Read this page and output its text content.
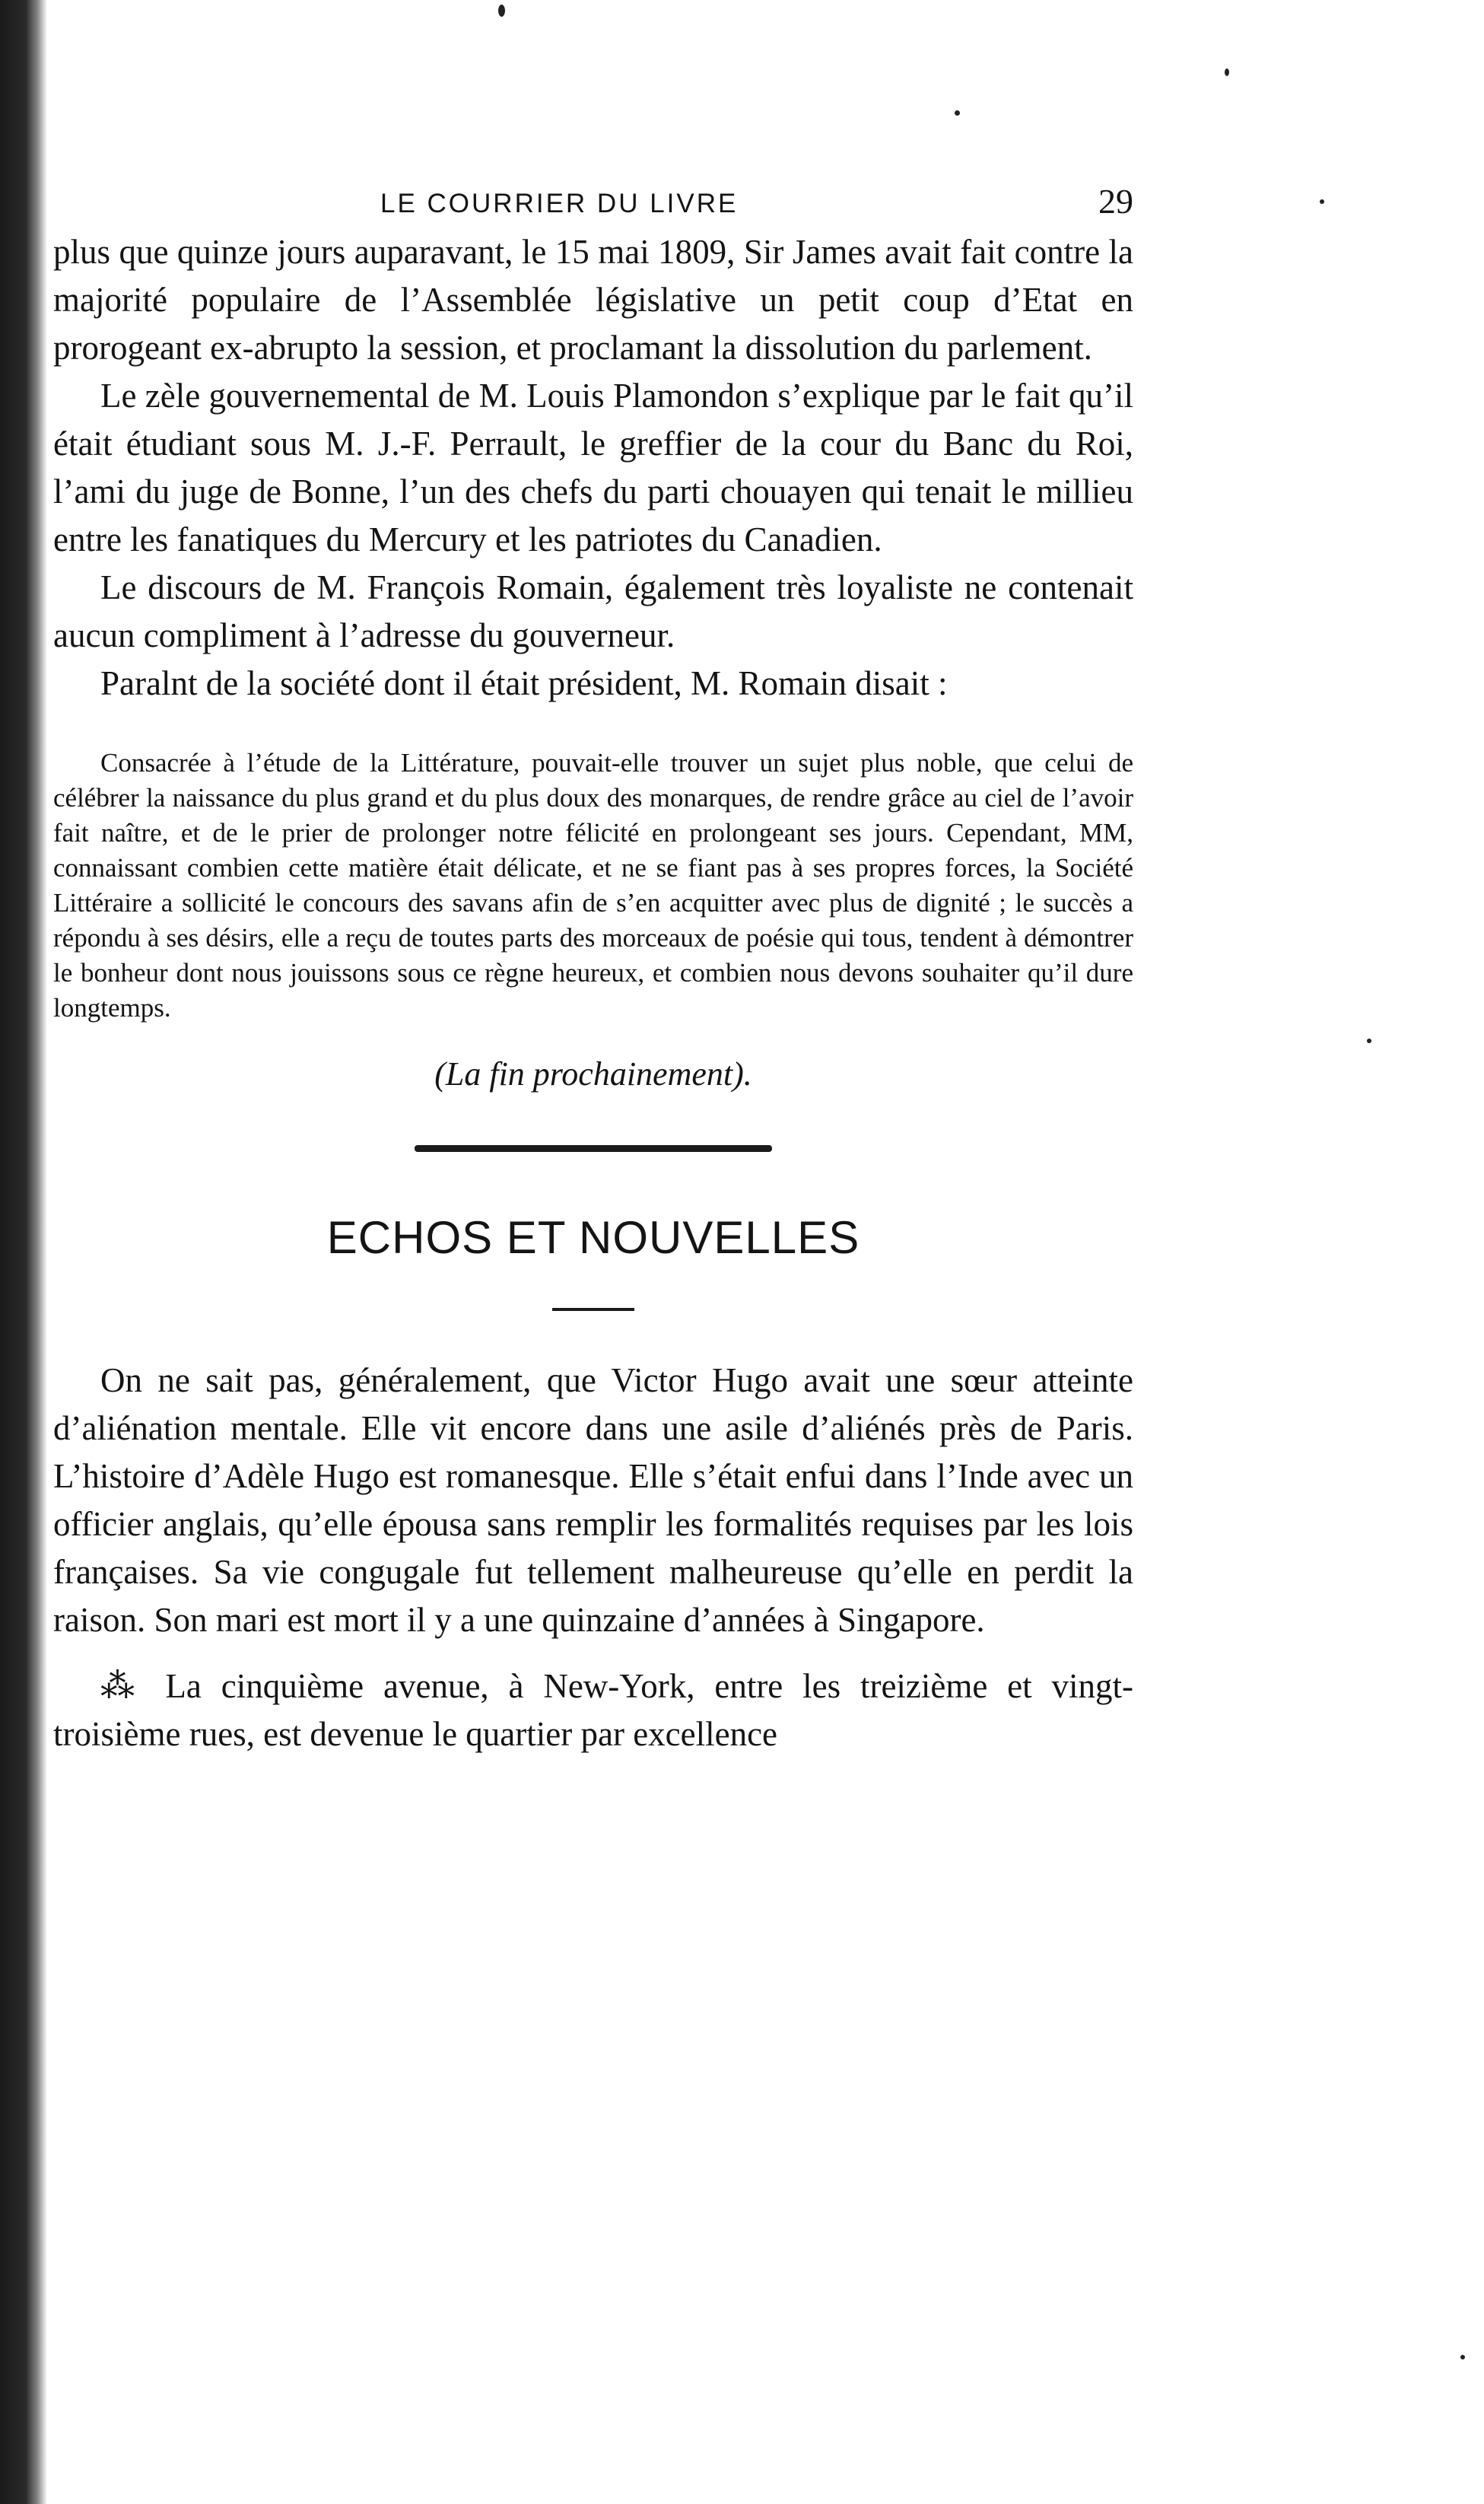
LE COURRIER DU LIVRE	29

plus que quinze jours auparavant, le 15 mai 1809, Sir James avait fait contre la majorité populaire de l’Assemblée législative un petit coup d’Etat en prorogeant ex-abrupto la session, et proclamant la dissolution du parlement.

Le zèle gouvernemental de M. Louis Plamondon s’explique par le fait qu’il était étudiant sous M. J.-F. Perrault, le greffier de la cour du Banc du Roi, l’ami du juge de Bonne, l’un des chefs du parti chouayen qui tenait le millieu entre les fanatiques du Mercury et les patriotes du Canadien.

Le discours de M. François Romain, également très loyaliste ne contenait aucun compliment à l’adresse du gouverneur.

Paralnt de la société dont il était président, M. Romain disait :

Consacrée à l’étude de la Littérature, pouvait-elle trouver un sujet plus noble, que celui de célébrer la naissance du plus grand et du plus doux des monarques, de rendre grâce au ciel de l’avoir fait naître, et de le prier de prolonger notre félicité en prolongeant ses jours. Cependant, MM, connaissant combien cette matière était délicate, et ne se fiant pas à ses propres forces, la Société Littéraire a sollicité le concours des savans afin de s’en acquitter avec plus de dignité ; le succès a répondu à ses désirs, elle a reçu de toutes parts des morceaux de poésie qui tous, tendent à démontrer le bonheur dont nous jouissons sous ce règne heureux, et combien nous devons souhaiter qu’il dure longtemps.

(La fin prochainement).

ECHOS ET NOUVELLES

On ne sait pas, généralement, que Victor Hugo avait une sœur atteinte d’aliénation mentale. Elle vit encore dans une asile d’aliénés près de Paris. L’histoire d’Adèle Hugo est romanesque. Elle s’était enfui dans l’Inde avec un officier anglais, qu’elle épousa sans remplir les formalités requises par les lois françaises. Sa vie congugale fut tellement malheureuse qu’elle en perdit la raison. Son mari est mort il y a une quinzaine d’années à Singapore.

⁂ La cinquième avenue, à New-York, entre les treizième et vingt-troisième rues, est devenue le quartier par excellence
